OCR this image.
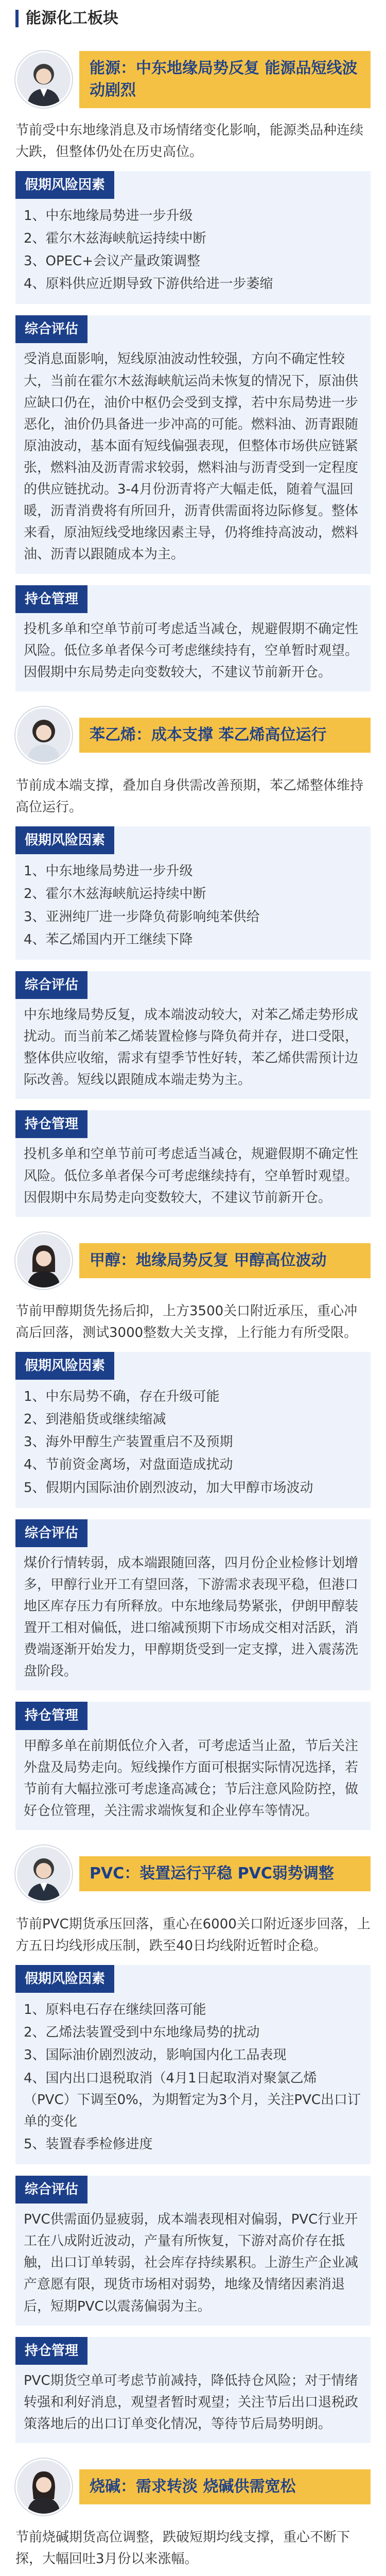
能源化工板块
能源：中东地缘局势反复 能源品短线波动剧烈

节前受中东地缘消息及市场情绪变化影响，能源类品种连续大跌，但整体仍处在历史高位。

假期风险因素
1、中东地缘局势进一步升级
2、霍尔木兹海峡航运持续中断
3、OPEC+会议产量政策调整
4、原料供应近期导致下游供给进一步萎缩
综合评估
受消息面影响，短线原油波动性较强，方向不确定性较大，当前在霍尔木兹海峡航运尚未恢复的情况下，原油供应缺口仍在，油价中枢仍会受到支撑，若中东局势进一步恶化，油价仍具备进一步冲高的可能。燃料油、沥青跟随原油波动，基本面有短线偏强表现，但整体市场供应链紧张，燃料油及沥青需求较弱，燃料油与沥青受到一定程度的供应链扰动。3-4月份沥青将产大幅走低，随着气温回暖，沥青消费将有所回升，沥青供需面将边际修复。整体来看，原油短线受地缘因素主导，仍将维持高波动，燃料油、沥青以跟随成本为主。
持仓管理
投机多单和空单节前可考虑适当减仓，规避假期不确定性风险。低位多单者保今可考虑继续持有，空单暂时观望。因假期中东局势走向变数较大，不建议节前新开仓。
苯乙烯：成本支撑 苯乙烯高位运行

节前成本端支撑，叠加自身供需改善预期，苯乙烯整体维持高位运行。

假期风险因素
1、中东地缘局势进一步升级
2、霍尔木兹海峡航运持续中断
3、亚洲纯厂进一步降负荷影响纯苯供给
4、苯乙烯国内开工继续下降
综合评估
中东地缘局势反复，成本端波动较大，对苯乙烯走势形成扰动。而当前苯乙烯装置检修与降负荷并存，进口受限，整体供应收缩，需求有望季节性好转，苯乙烯供需预计边际改善。短线以跟随成本端走势为主。
持仓管理
投机多单和空单节前可考虑适当减仓，规避假期不确定性风险。低位多单者保今可考虑继续持有，空单暂时观望。因假期中东局势走向变数较大，不建议节前新开仓。
甲醇：地缘局势反复 甲醇高位波动

节前甲醇期货先扬后抑，上方3500关口附近承压，重心冲高后回落，测试3000整数大关支撑，上行能力有所受限。

假期风险因素
1、中东局势不确，存在升级可能
2、到港船货或继续缩减
3、海外甲醇生产装置重启不及预期
4、节前资金离场，对盘面造成扰动
5、假期内国际油价剧烈波动，加大甲醇市场波动
综合评估
煤价行情转弱，成本端跟随回落，四月份企业检修计划增多，甲醇行业开工有望回落，下游需求表现平稳，但港口地区库存压力有所释放。中东地缘局势紧张，伊朗甲醇装置开工相对偏低，进口缩减预期下市场成交相对活跃，消费端逐渐开始发力，甲醇期货受到一定支撑，进入震荡洗盘阶段。
持仓管理
甲醇多单在前期低位介入者，可考虑适当止盈，节后关注外盘及局势走向。短线操作方面可根据实际情况选择，若节前有大幅拉涨可考虑逢高减仓；节后注意风险防控，做好仓位管理，关注需求端恢复和企业停车等情况。
PVC：装置运行平稳 PVC弱势调整

节前PVC期货承压回落，重心在6000关口附近逐步回落，上方五日均线形成压制，跌至40日均线附近暂时企稳。

假期风险因素
1、原料电石存在继续回落可能
2、乙烯法装置受到中东地缘局势的扰动
3、国际油价剧烈波动，影响国内化工品表现
4、国内出口退税取消（4月1日起取消对聚氯乙烯（PVC）下调至0%，为期暂定为3个月，关注PVC出口订单的变化
5、装置春季检修进度
综合评估
PVC供需面仍显疲弱，成本端表现相对偏弱，PVC行业开工在八成附近波动，产量有所恢复，下游对高价存在抵触，出口订单转弱，社会库存持续累积。上游生产企业减产意愿有限，现货市场相对弱势，地缘及情绪因素消退后，短期PVC以震荡偏弱为主。
持仓管理
PVC期货空单可考虑节前减持，降低持仓风险；对于情绪转强和利好消息，观望者暂时观望；关注节后出口退税政策落地后的出口订单变化情况，等待节后局势明朗。
烧碱：需求转淡 烧碱供需宽松

节前烧碱期货高位调整，跌破短期均线支撑，重心不断下探，大幅回吐3月份以来涨幅。
